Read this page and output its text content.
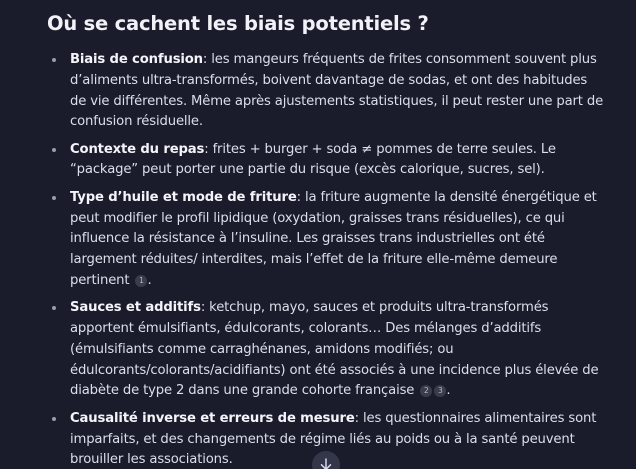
Où se cachent les biais potentiels ?
Biais de confusion: les mangeurs fréquents de frites consomment souvent plus d’aliments ultra-transformés, boivent davantage de sodas, et ont des habitudes de vie différentes. Même après ajustements statistiques, il peut rester une part de confusion résiduelle.
Contexte du repas: frites + burger + soda ≠ pommes de terre seules. Le “package” peut porter une partie du risque (excès calorique, sucres, sel).
Type d’huile et mode de friture: la friture augmente la densité énergétique et peut modifier le profil lipidique (oxydation, graisses trans résiduelles), ce qui influence la résistance à l’insuline. Les graisses trans industrielles ont été largement réduites/ interdites, mais l’effet de la friture elle-même demeure pertinent 1 .
Sauces et additifs: ketchup, mayo, sauces et produits ultra-transformés apportent émulsifiants, édulcorants, colorants… Des mélanges d’additifs (émulsifiants comme carraghénanes, amidons modifiés; ou édulcorants/colorants/acidifiants) ont été associés à une incidence plus élevée de diabète de type 2 dans une grande cohorte française 2 3 .
Causalité inverse et erreurs de mesure: les questionnaires alimentaires sont imparfaits, et des changements de régime liés au poids ou à la santé peuvent brouiller les associations.
